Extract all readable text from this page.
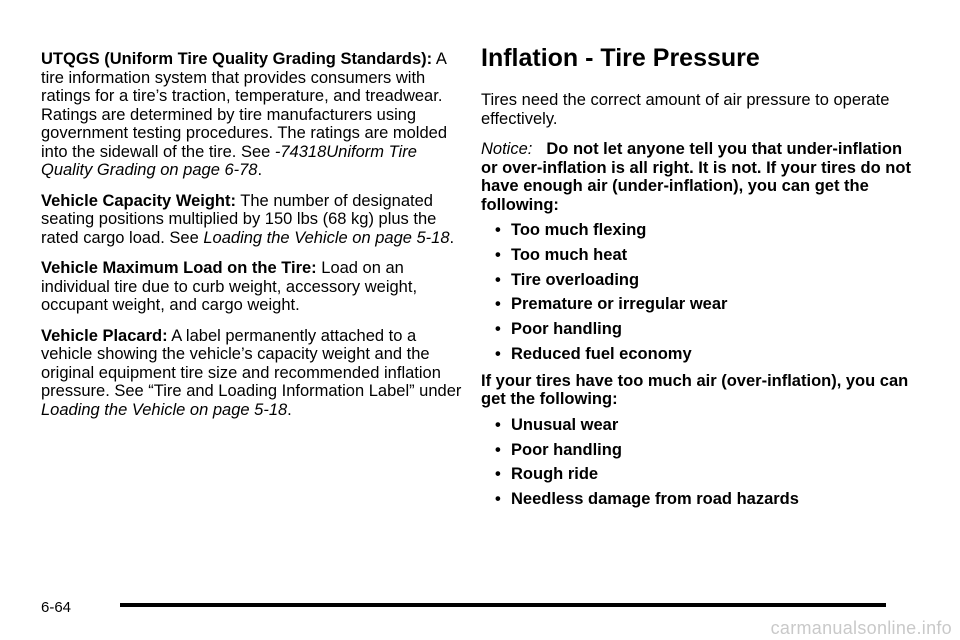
UTQGS (Uniform Tire Quality Grading Standards): A tire information system that provides consumers with ratings for a tire’s traction, temperature, and treadwear. Ratings are determined by tire manufacturers using government testing procedures. The ratings are molded into the sidewall of the tire. See -74318Uniform Tire Quality Grading on page 6-78.

Vehicle Capacity Weight: The number of designated seating positions multiplied by 150 lbs (68 kg) plus the rated cargo load. See Loading the Vehicle on page 5-18.

Vehicle Maximum Load on the Tire: Load on an individual tire due to curb weight, accessory weight, occupant weight, and cargo weight.

Vehicle Placard: A label permanently attached to a vehicle showing the vehicle’s capacity weight and the original equipment tire size and recommended inflation pressure. See “Tire and Loading Information Label” under Loading the Vehicle on page 5-18.

Inflation - Tire Pressure

Tires need the correct amount of air pressure to operate effectively.

Notice: Do not let anyone tell you that under-inflation or over-inflation is all right. It is not. If your tires do not have enough air (under-inflation), you can get the following:

• Too much flexing
• Too much heat
• Tire overloading
• Premature or irregular wear
• Poor handling
• Reduced fuel economy

If your tires have too much air (over-inflation), you can get the following:

• Unusual wear
• Poor handling
• Rough ride
• Needless damage from road hazards
6-64
carmanualsonline.info
